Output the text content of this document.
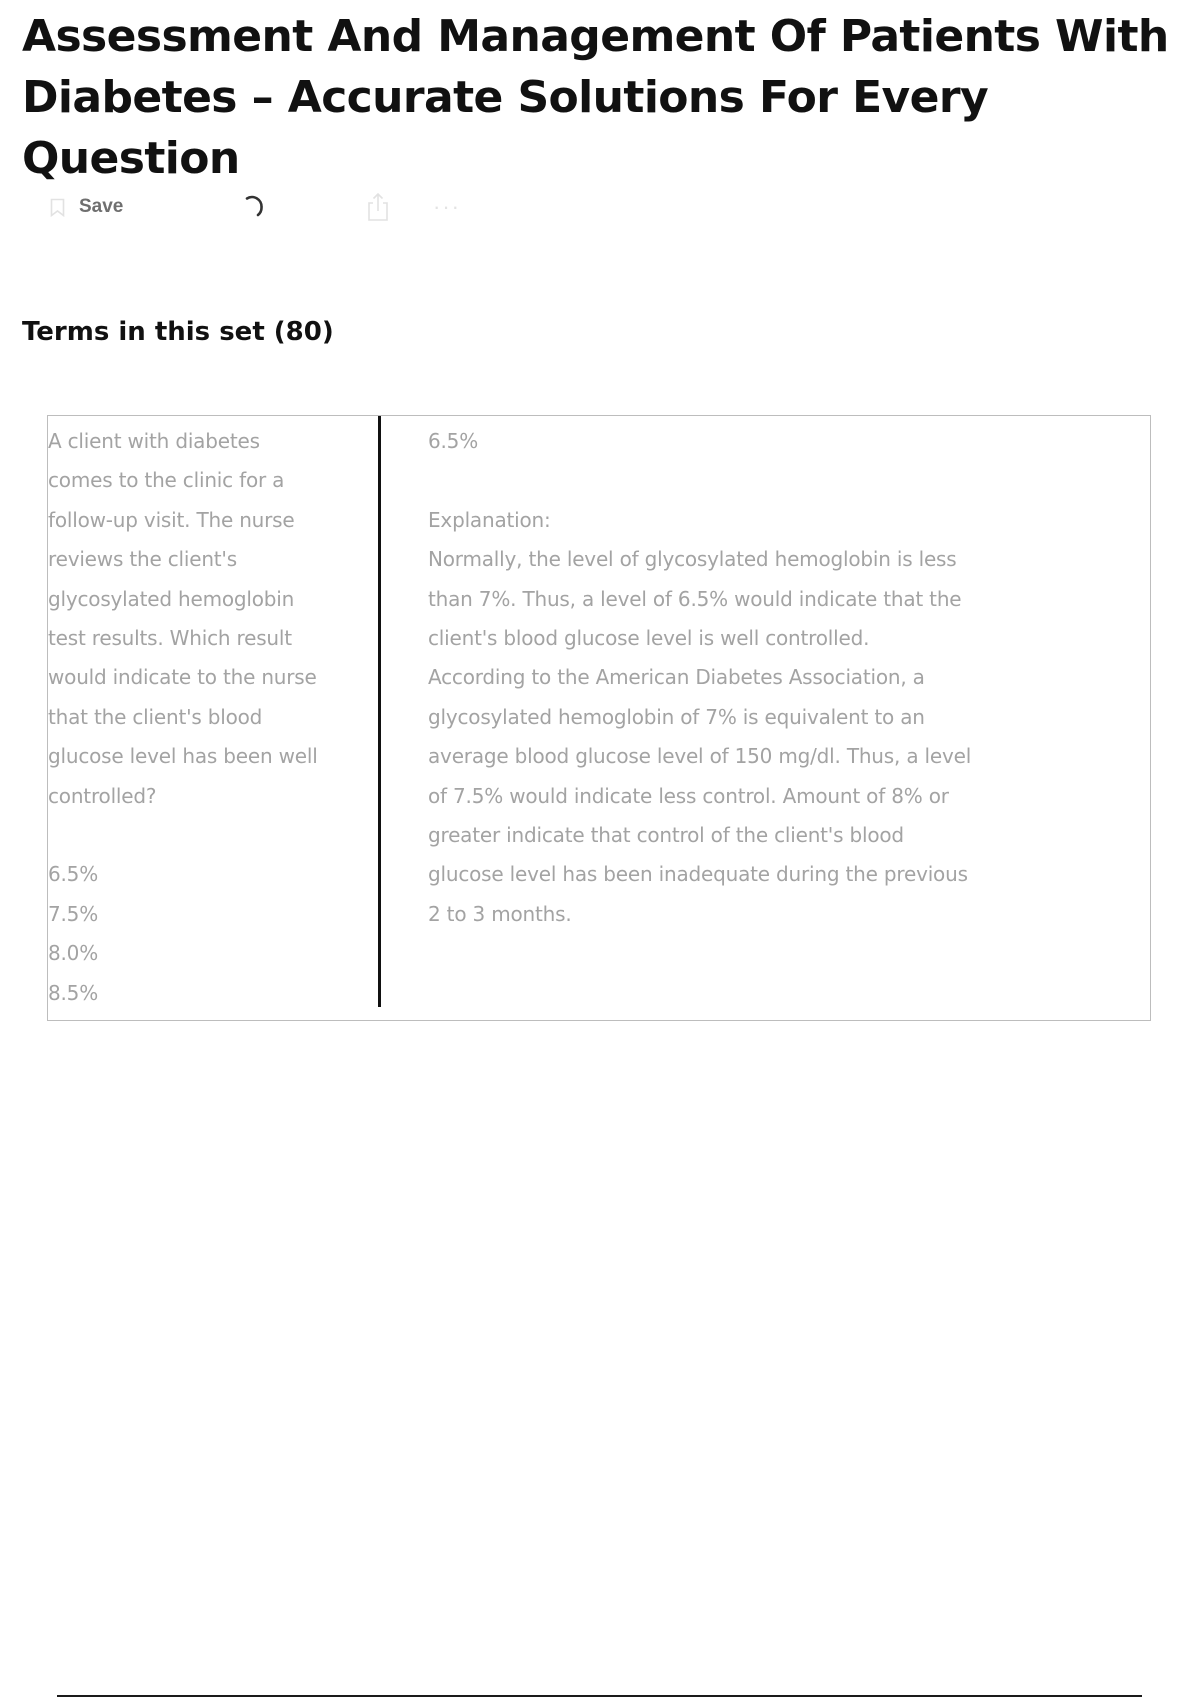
Assessment And Management Of Patients With Diabetes – Accurate Solutions For Every Question
Save	···
Terms in this set (80)
A client with diabetes
comes to the clinic for a
follow-up visit. The nurse
reviews the client's
glycosylated hemoglobin
test results. Which result
would indicate to the nurse
that the client's blood
glucose level has been well
controlled?
6.5%
7.5%
8.0%
8.5%
6.5%
Explanation:
Normally, the level of glycosylated hemoglobin is less
than 7%. Thus, a level of 6.5% would indicate that the
client's blood glucose level is well controlled.
According to the American Diabetes Association, a
glycosylated hemoglobin of 7% is equivalent to an
average blood glucose level of 150 mg/dl. Thus, a level
of 7.5% would indicate less control. Amount of 8% or
greater indicate that control of the client's blood
glucose level has been inadequate during the previous
2 to 3 months.
